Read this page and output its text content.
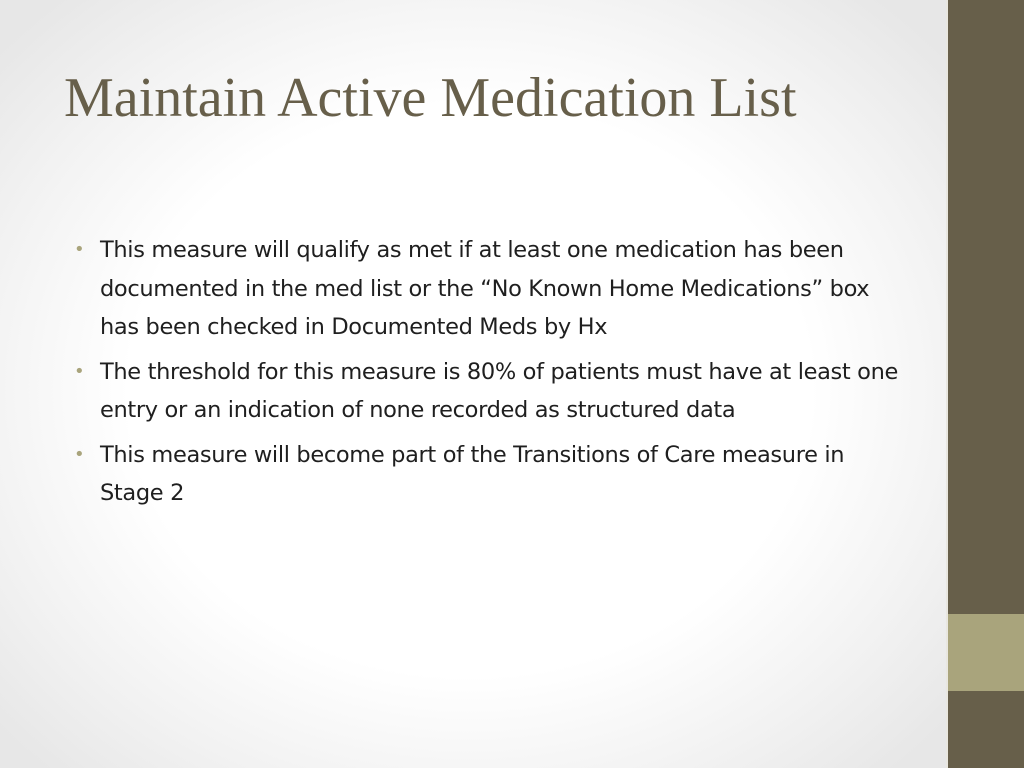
Maintain Active Medication List
• This measure will qualify as met if at least one medication has been documented in the med list or the “No Known Home Medications” box has been checked in Documented Meds by Hx
• The threshold for this measure is 80% of patients must have at least one entry or an indication of none recorded as structured data
• This measure will become part of the Transitions of Care measure in Stage 2
